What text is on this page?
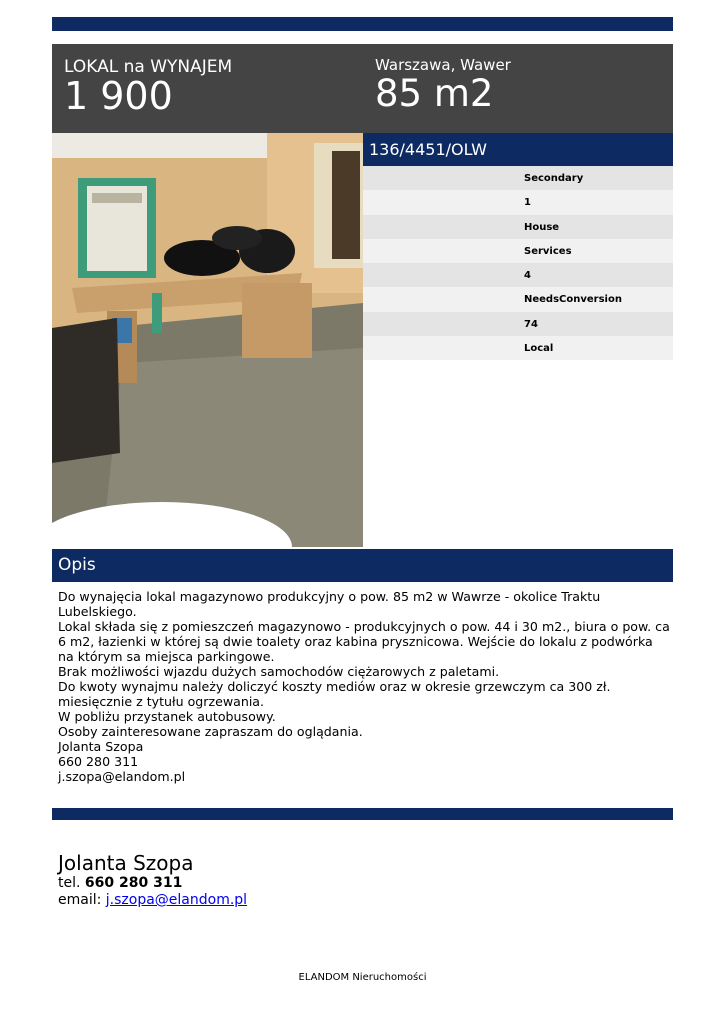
LOKAL na WYNAJEM
1 900
Warszawa, Wawer
85 m2
136/4451/OLW
Secondary
1
House
Services
4
NeedsConversion
74
Local
Opis
Do wynajęcia lokal magazynowo produkcyjny o pow. 85 m2 w Wawrze - okolice Traktu Lubelskiego.
Lokal składa się z pomieszczeń magazynowo - produkcyjnych o pow. 44 i 30 m2., biura o pow. ca 6 m2, łazienki w której są dwie toalety oraz kabina prysznicowa. Wejście do lokalu z podwórka na którym sa miejsca parkingowe.
Brak możliwości wjazdu dużych samochodów ciężarowych z paletami.
Do kwoty wynajmu należy doliczyć koszty mediów oraz w okresie grzewczym ca 300 zł. miesięcznie z tytułu ogrzewania.
W pobliżu przystanek autobusowy.
Osoby zainteresowane zapraszam do oglądania.
Jolanta Szopa
660 280 311
j.szopa@elandom.pl
Jolanta Szopa
tel. 660 280 311
email: j.szopa@elandom.pl
ELANDOM Nieruchomości
